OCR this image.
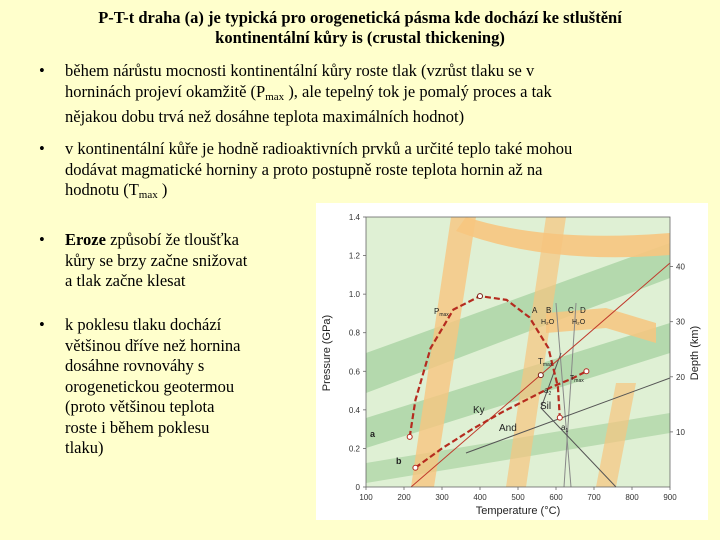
P-T-t draha (a) je typická pro orogenetická pásma kde dochází ke stluštění
kontinentální kůry is (crustal thickening)
• během nárůstu mocnosti kontinentální kůry roste tlak (vzrůst tlaku se v
horninách projeví okamžitě ($P_{max}$ ), ale tepelný tok je pomalý proces a tak
nějakou dobu trvá než dosáhne teplota maximálních hodnot)
• v kontinentální kůře je hodně radioaktivních prvků a určité teplo také mohou
dodávat magmatické horniny a proto postupně roste teplota hornin až na
hodnotu ($T_{max}$ )
• Eroze způsobí že tloušťka
kůry se brzy začne snižovat
a tlak začne klesat
• k poklesu tlaku dochází
většinou dříve než hornina
dosáhne rovnováhy s
orogenetickou geotermou
(proto většinou teplota
roste i během poklesu
tlaku)
100	200	300	400	500	600	700	800	900
0
0.2
0.4
0.6
0.8
1.0
1.2
1.4
10
20
30
40
Temperature (°C)
Pressure (GPa)	Depth (km)
$P_{max}$
$T_{max}$
$T_{max}$
a
b
$a_1$
$a_2$
Ky
And
Sil
A B C D
H₂O	H₂O
